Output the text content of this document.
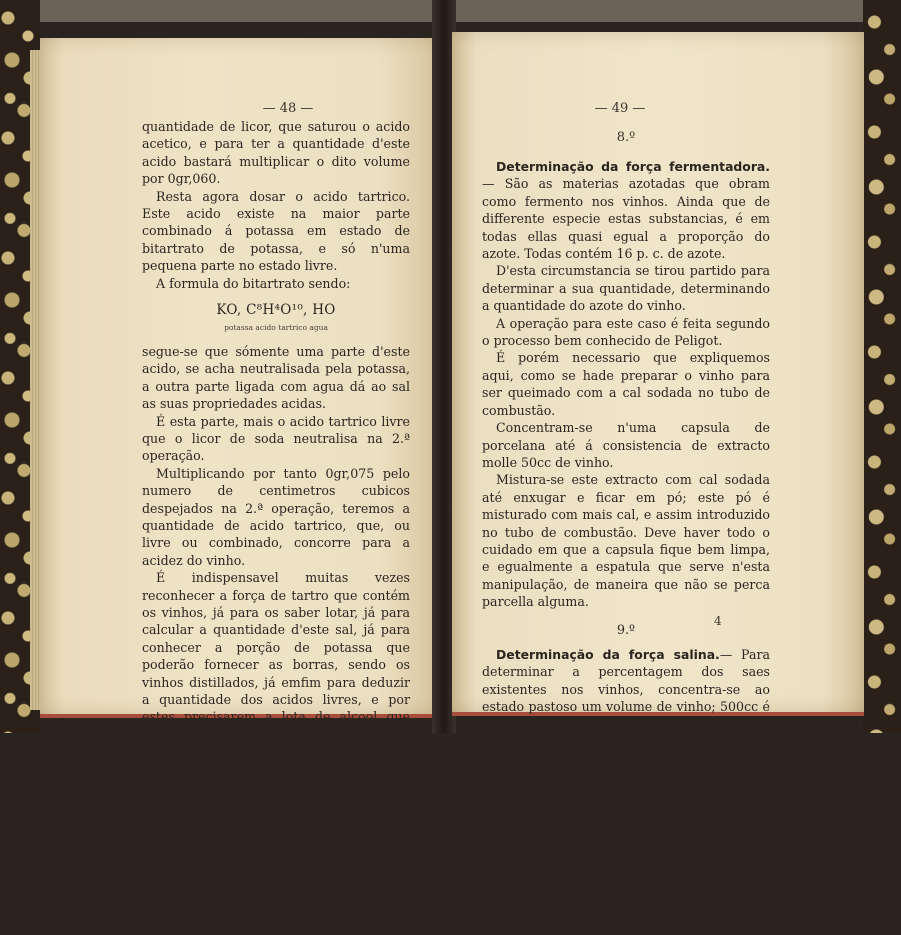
— 48 —	— 49 —

quantidade de licor, que saturou o acido acetico, e para ter a quantidade d'este acido bastará multiplicar o dito volume por 0gr,060.

Resta agora dosar o acido tartrico. Este acido existe na maior parte combinado á potassa em estado de bitartrato de potassa, e só n'uma pequena parte no estado livre.

A formula do bitartrato sendo:

KO, C⁸H⁴O¹⁰, HO
potassa acido tartrico agua

segue-se que sómente uma parte d'este acido, se acha neutralisada pela potassa, a outra parte ligada com agua dá ao sal as suas propriedades acidas.

É esta parte, mais o acido tartrico livre que o licor de soda neutralisa na 2.ª operação.

Multiplicando por tanto 0gr,075 pelo numero de centimetros cubicos despejados na 2.ª operação, teremos a quantidade de acido tartrico, que, ou livre ou combinado, concorre para a acidez do vinho.

É indispensavel muitas vezes reconhecer a força de tartro que contém os vinhos, já para os saber lotar, já para calcular a quantidade d'este sal, já para conhecer a porção de potassa que poderão fornecer as borras, sendo os vinhos distillados, já emfim para deduzir a quantidade dos acidos livres, e por estes precisarem a lota de alcool que deverão levar para accelerar a essa etherificação. — Em qualquer d'estes casos poderá usar-se do processo do sr. Berthelot, que consiste em precipitar o tartro de um volume de vinho, ajuntar a este um volume quintuplo de uma mistura de ether e de alcool. — Filtrar, seccar e pesar o precipitado. — É conveniente eliminar do vinho o seu excesso de agua, concentrando a 1/3 ou a 1/4 pelo calor antes de fazer a mistura com o liquido precipitante.

8.º

Determinação da força fermentadora.— São as materias azotadas que obram como fermento nos vinhos. Ainda que de differente especie estas substancias, é em todas ellas quasi egual a proporção do azote. Todas contém 16 p. c. de azote.

D'esta circumstancia se tirou partido para determinar a sua quantidade, determinando a quantidade do azote do vinho.

A operação para este caso é feita segundo o processo bem conhecido de Peligot.

É porém necessario que expliquemos aqui, como se hade preparar o vinho para ser queimado com a cal sodada no tubo de combustão.

Concentram-se n'uma capsula de porcelana até á consistencia de extracto molle 50cc de vinho.

Mistura-se este extracto com cal sodada até enxugar e ficar em pó; este pó é misturado com mais cal, e assim introduzido no tubo de combustão. Deve haver todo o cuidado em que a capsula fique bem limpa, e egualmente a espatula que serve n'esta manipulação, de maneira que não se perca parcella alguma.

9.º

Determinação da força salina.— Para determinar a percentagem dos saes existentes nos vinhos, concentra-se ao estado pastoso um volume de vinho; 500cc é a quantidade que geralmente tomamos para este ensaio.

Quando o vinho se acha reduzido ao volume de 50cc, passámol-o para uma capsula de platina, aonde acaba de concentrar a secco.

N'este estado, expomos a capsula ao fogo vivo, até que as

4
